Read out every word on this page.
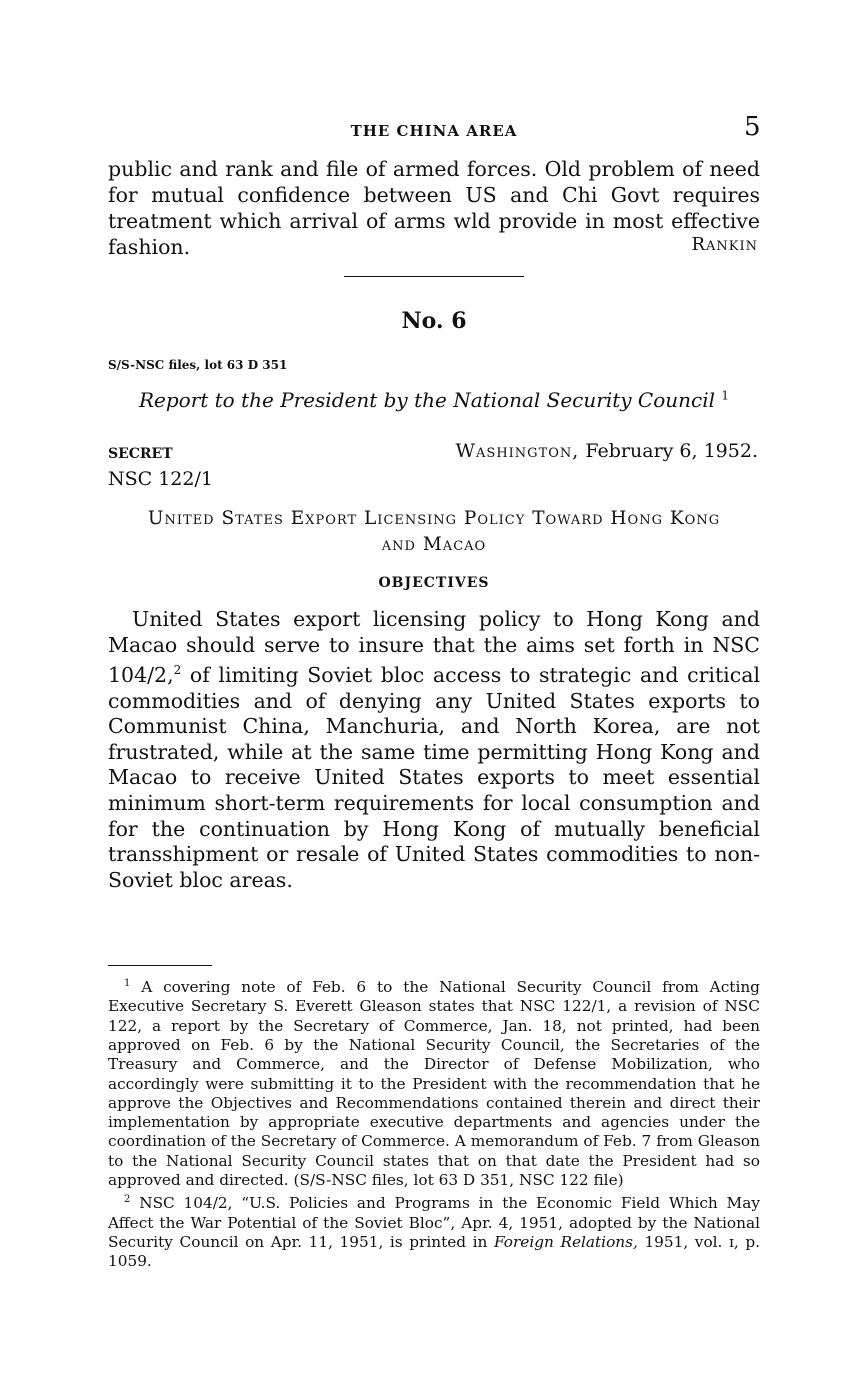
THE CHINA AREA	5
public and rank and file of armed forces. Old problem of need for mutual confidence between US and Chi Govt requires treatment which arrival of arms wld provide in most effective fashion.	Rankin
No. 6
S/S-NSC files, lot 63 D 351
Report to the President by the National Security Council $^1$
SECRET	Washington, February 6, 1952.
NSC 122/1
United States Export Licensing Policy Toward Hong Kong
and Macao
OBJECTIVES
United States export licensing policy to Hong Kong and Macao should serve to insure that the aims set forth in NSC 104/2,$^2$ of limiting Soviet bloc access to strategic and critical commodities and of denying any United States exports to Communist China, Manchuria, and North Korea, are not frustrated, while at the same time permitting Hong Kong and Macao to receive United States exports to meet essential minimum short-term requirements for local consumption and for the continuation by Hong Kong of mutually beneficial transshipment or resale of United States commodities to non-Soviet bloc areas.

$^1$ A covering note of Feb. 6 to the National Security Council from Acting Executive Secretary S. Everett Gleason states that NSC 122/1, a revision of NSC 122, a report by the Secretary of Commerce, Jan. 18, not printed, had been approved on Feb. 6 by the National Security Council, the Secretaries of the Treasury and Commerce, and the Director of Defense Mobilization, who accordingly were submitting it to the President with the recommendation that he approve the Objectives and Recommendations contained therein and direct their implementation by appropriate executive departments and agencies under the coordination of the Secretary of Commerce. A memorandum of Feb. 7 from Gleason to the National Security Council states that on that date the President had so approved and directed. (S/S-NSC files, lot 63 D 351, NSC 122 file)

$^2$ NSC 104/2, “U.S. Policies and Programs in the Economic Field Which May Affect the War Potential of the Soviet Bloc”, Apr. 4, 1951, adopted by the National Security Council on Apr. 11, 1951, is printed in Foreign Relations, 1951, vol. ɪ, p. 1059.
